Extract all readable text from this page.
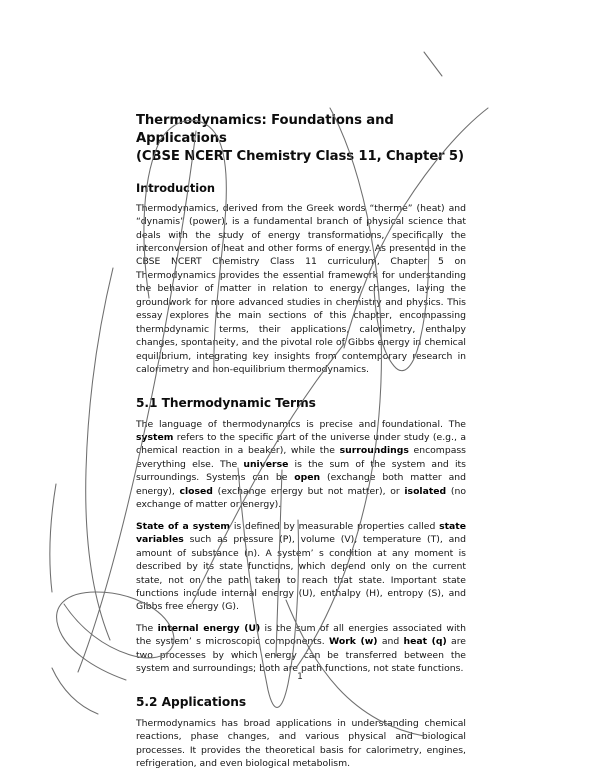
Thermodynamics: Foundations and Applications
(CBSE NCERT Chemistry Class 11, Chapter 5)
Introduction

Thermodynamics, derived from the Greek words “therme” (heat) and “dynamis” (power), is a fundamental branch of physical science that deals with the study of energy transformations, specifically the interconversion of heat and other forms of energy. As presented in the CBSE NCERT Chemistry Class 11 curriculum, Chapter 5 on Thermodynamics provides the essential framework for understanding the behavior of matter in relation to energy changes, laying the groundwork for more advanced studies in chemistry and physics. This essay explores the main sections of this chapter, encompassing thermodynamic terms, their applications, calorimetry, enthalpy changes, spontaneity, and the pivotal role of Gibbs energy in chemical equilibrium, integrating key insights from contemporary research in calorimetry and non-equilibrium thermodynamics.

5.1 Thermodynamic Terms

The language of thermodynamics is precise and foundational. The system refers to the specific part of the universe under study (e.g., a chemical reaction in a beaker), while the surroundings encompass everything else. The universe is the sum of the system and its surroundings. Systems can be open (exchange both matter and energy), closed (exchange energy but not matter), or isolated (no exchange of matter or energy).

State of a system is defined by measurable properties called state variables such as pressure (P), volume (V), temperature (T), and amount of substance (n). A system’ s condition at any moment is described by its state functions, which depend only on the current state, not on the path taken to reach that state. Important state functions include internal energy (U), enthalpy (H), entropy (S), and Gibbs free energy (G).

The internal energy (U) is the sum of all energies associated with the system’ s microscopic components. Work (w) and heat (q) are two processes by which energy can be transferred between the system and surroundings; both are path functions, not state functions.

5.2 Applications

Thermodynamics has broad applications in understanding chemical reactions, phase changes, and various physical and biological processes. It provides the theoretical basis for calorimetry, engines, refrigeration, and even biological metabolism.

1
